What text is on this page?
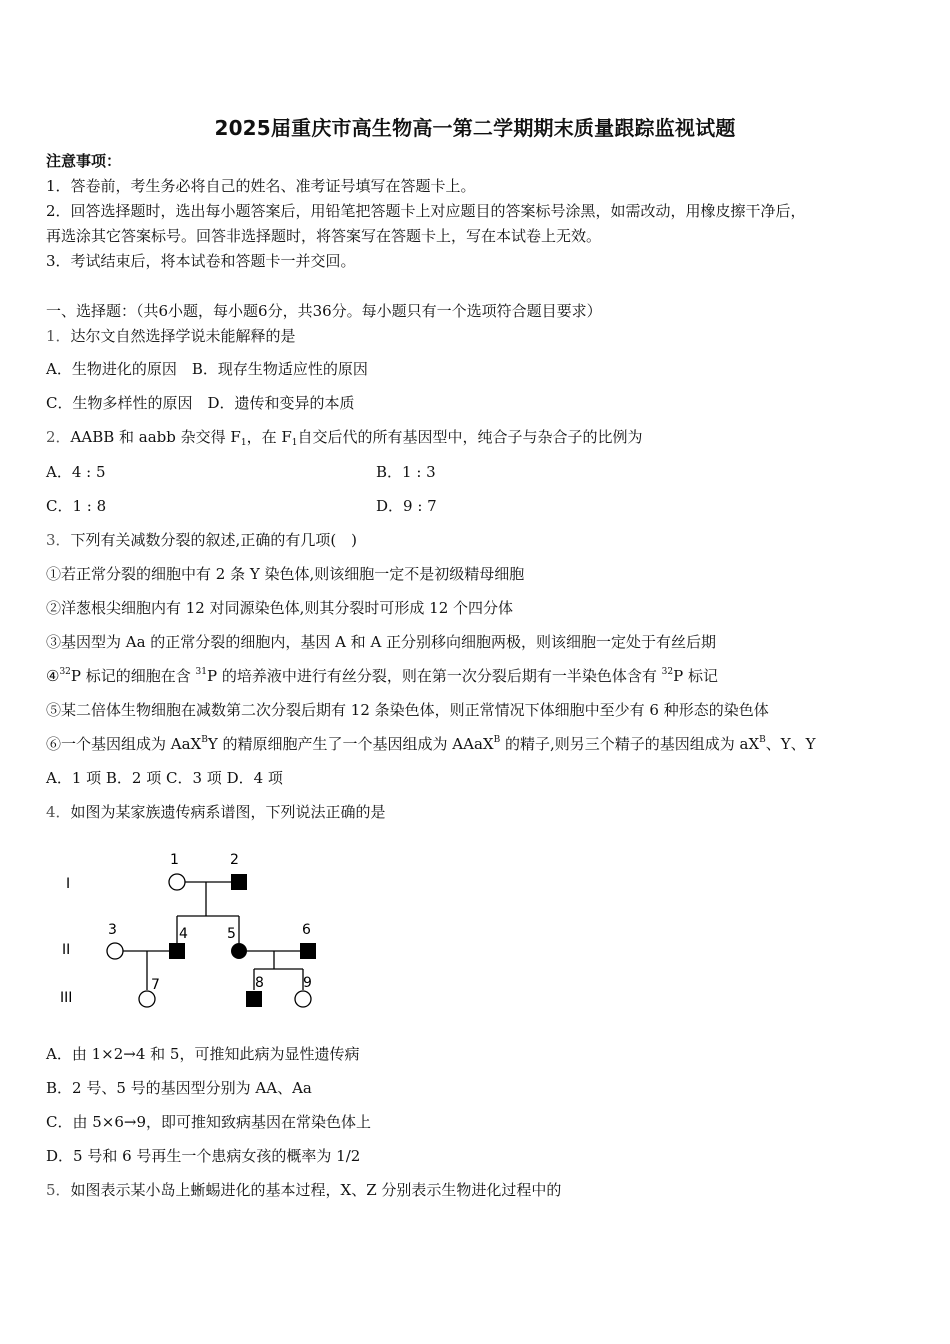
2025届重庆市高生物高一第二学期期末质量跟踪监视试题
注意事项：
1．答卷前，考生务必将自己的姓名、准考证号填写在答题卡上。
2．回答选择题时，选出每小题答案后，用铅笔把答题卡上对应题目的答案标号涂黑，如需改动，用橡皮擦干净后，
再选涂其它答案标号。回答非选择题时，将答案写在答题卡上，写在本试卷上无效。
3．考试结束后，将本试卷和答题卡一并交回。
一、选择题：（共6小题，每小题6分，共36分。每小题只有一个选项符合题目要求）
1．达尔文自然选择学说未能解释的是
A．生物进化的原因　B．现存生物适应性的原因
C．生物多样性的原因　D．遗传和变异的本质
2．AABB 和 aabb 杂交得 $F_1$，在 $F_1$自交后代的所有基因型中，纯合子与杂合子的比例为
A．4 : 5	B．1 : 3
C．1 : 8	D．9 : 7
3．下列有关减数分裂的叙述,正确的有几项(　)
①若正常分裂的细胞中有 2 条 Y 染色体,则该细胞一定不是初级精母细胞
②洋葱根尖细胞内有 12 对同源染色体,则其分裂时可形成 12 个四分体
③基因型为 Aa 的正常分裂的细胞内，基因 A 和 A 正分别移向细胞两极，则该细胞一定处于有丝后期
④$^{32}$P 标记的细胞在含 $^{31}$P 的培养液中进行有丝分裂，则在第一次分裂后期有一半染色体含有 $^{32}$P 标记
⑤某二倍体生物细胞在减数第二次分裂后期有 12 条染色体，则正常情况下体细胞中至少有 6 种形态的染色体
⑥一个基因组成为 AaX$^B$Y 的精原细胞产生了一个基因组成为 AAaX$^B$ 的精子,则另三个精子的基因组成为 $aX^B$、Y、Y
A．1 项 B．2 项 C．3 项 D．4 项
4．如图为某家族遗传病系谱图，下列说法正确的是
I
II
III
1	2
3	4	5	6
7	8	9
A．由 1×2→4 和 5，可推知此病为显性遗传病
B．2 号、5 号的基因型分别为 AA、Aa
C．由 5×6→9，即可推知致病基因在常染色体上
D．5 号和 6 号再生一个患病女孩的概率为 1/2
5．如图表示某小岛上蜥蜴进化的基本过程，X、Z 分别表示生物进化过程中的
